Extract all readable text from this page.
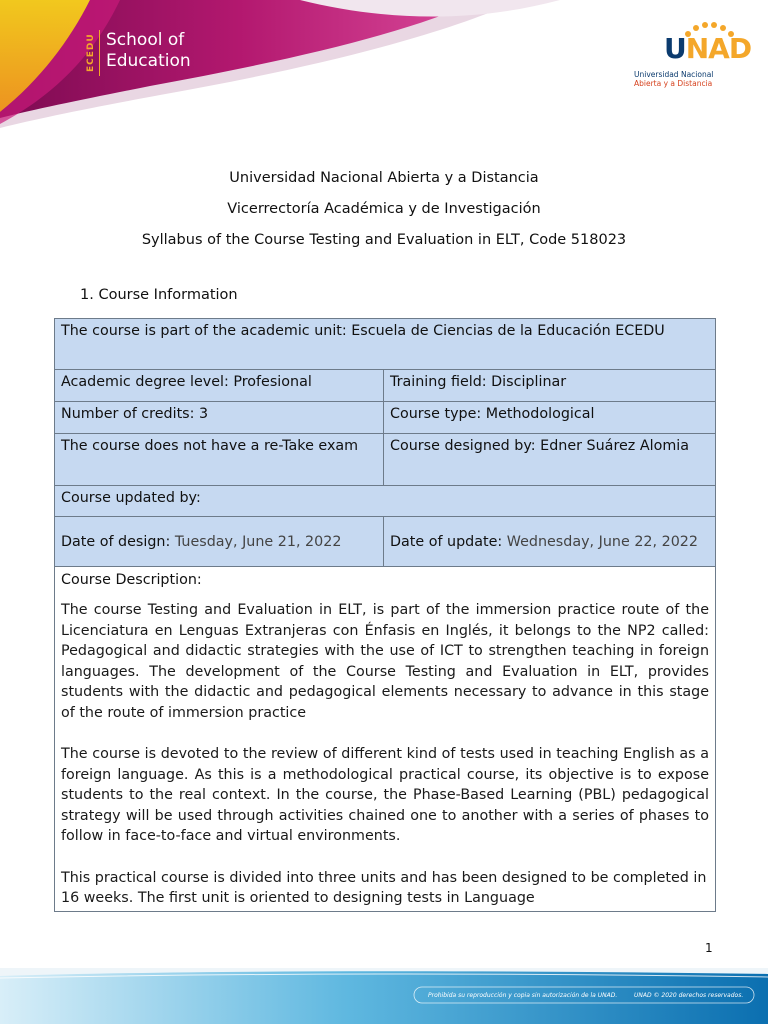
ECEDU School of
Education	UNAD
Universidad Nacional
Abierta y a Distancia
Universidad Nacional Abierta y a Distancia
Vicerrectoría Académica y de Investigación
Syllabus of the Course Testing and Evaluation in ELT, Code 518023
1. Course Information
The course is part of the academic unit: Escuela de Ciencias de la Educación ECEDU	
Academic degree level: Profesional	Training field: Disciplinar
Number of credits: 3	Course type: Methodological
The course does not have a re-Take exam	Course designed by: Edner Suárez Alomia
Course updated by:	
Date of design: Tuesday, June 21, 2022	Date of update: Wednesday, June 22, 2022

Course Description:

The course Testing and Evaluation in ELT, is part of the immersion practice route of the Licenciatura en Lenguas Extranjeras con Énfasis en Inglés, it belongs to the NP2 called: Pedagogical and didactic strategies with the use of ICT to strengthen teaching in foreign languages. The development of the Course Testing and Evaluation in ELT, provides students with the didactic and pedagogical elements necessary to advance in this stage of the route of immersion practice

The course is devoted to the review of different kind of tests used in teaching English as a foreign language. As this is a methodological practical course, its objective is to expose students to the real context. In the course, the Phase-Based Learning (PBL) pedagogical strategy will be used through activities chained one to another with a series of phases to follow in face-to-face and virtual environments.

This practical course is divided into three units and has been designed to be completed in 16 weeks. The first unit is oriented to designing tests in Language	

1
Prohibida su reproducción y copia sin autorización de la UNAD.	UNAD © 2020 derechos reservados.
